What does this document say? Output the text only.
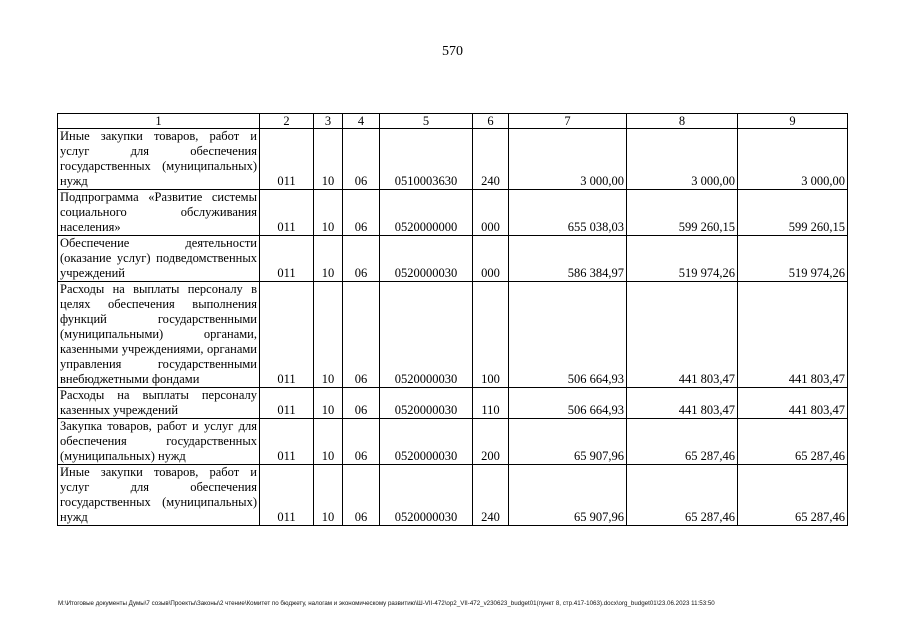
570
1	2	3	4	5	6	7	8	9
Иные закупки товаров, работ и услуг для обеспечения государственных (муниципальных) нужд	011	10	06	0510003630	240	3 000,00	3 000,00	3 000,00
Подпрограмма «Развитие системы социального обслуживания населения»	011	10	06	0520000000	000	655 038,03	599 260,15	599 260,15
Обеспечение деятельности (оказание услуг) подведомственных учреждений	011	10	06	0520000030	000	586 384,97	519 974,26	519 974,26
Расходы на выплаты персоналу в целях обеспечения выполнения функций государственными (муниципальными) органами, казенными учреждениями, органами управления государственными внебюджетными фондами	011	10	06	0520000030	100	506 664,93	441 803,47	441 803,47
Расходы на выплаты персоналу казенных учреждений	011	10	06	0520000030	110	506 664,93	441 803,47	441 803,47
Закупка товаров, работ и услуг для обеспечения государственных (муниципальных) нужд	011	10	06	0520000030	200	65 907,96	65 287,46	65 287,46
Иные закупки товаров, работ и услуг для обеспечения государственных (муниципальных) нужд	011	10	06	0520000030	240	65 907,96	65 287,46	65 287,46
M:\Итоговые документы Думы\7 созыв\Проекты\Законы\2 чтение\Комитет по бюджету, налогам и экономическому развитию\Ш-VII-472\ор2_VII-472_v230623_budget01(пункт 8, стр.417-1063).docx\org_budget01\23.06.2023 11:53:50
